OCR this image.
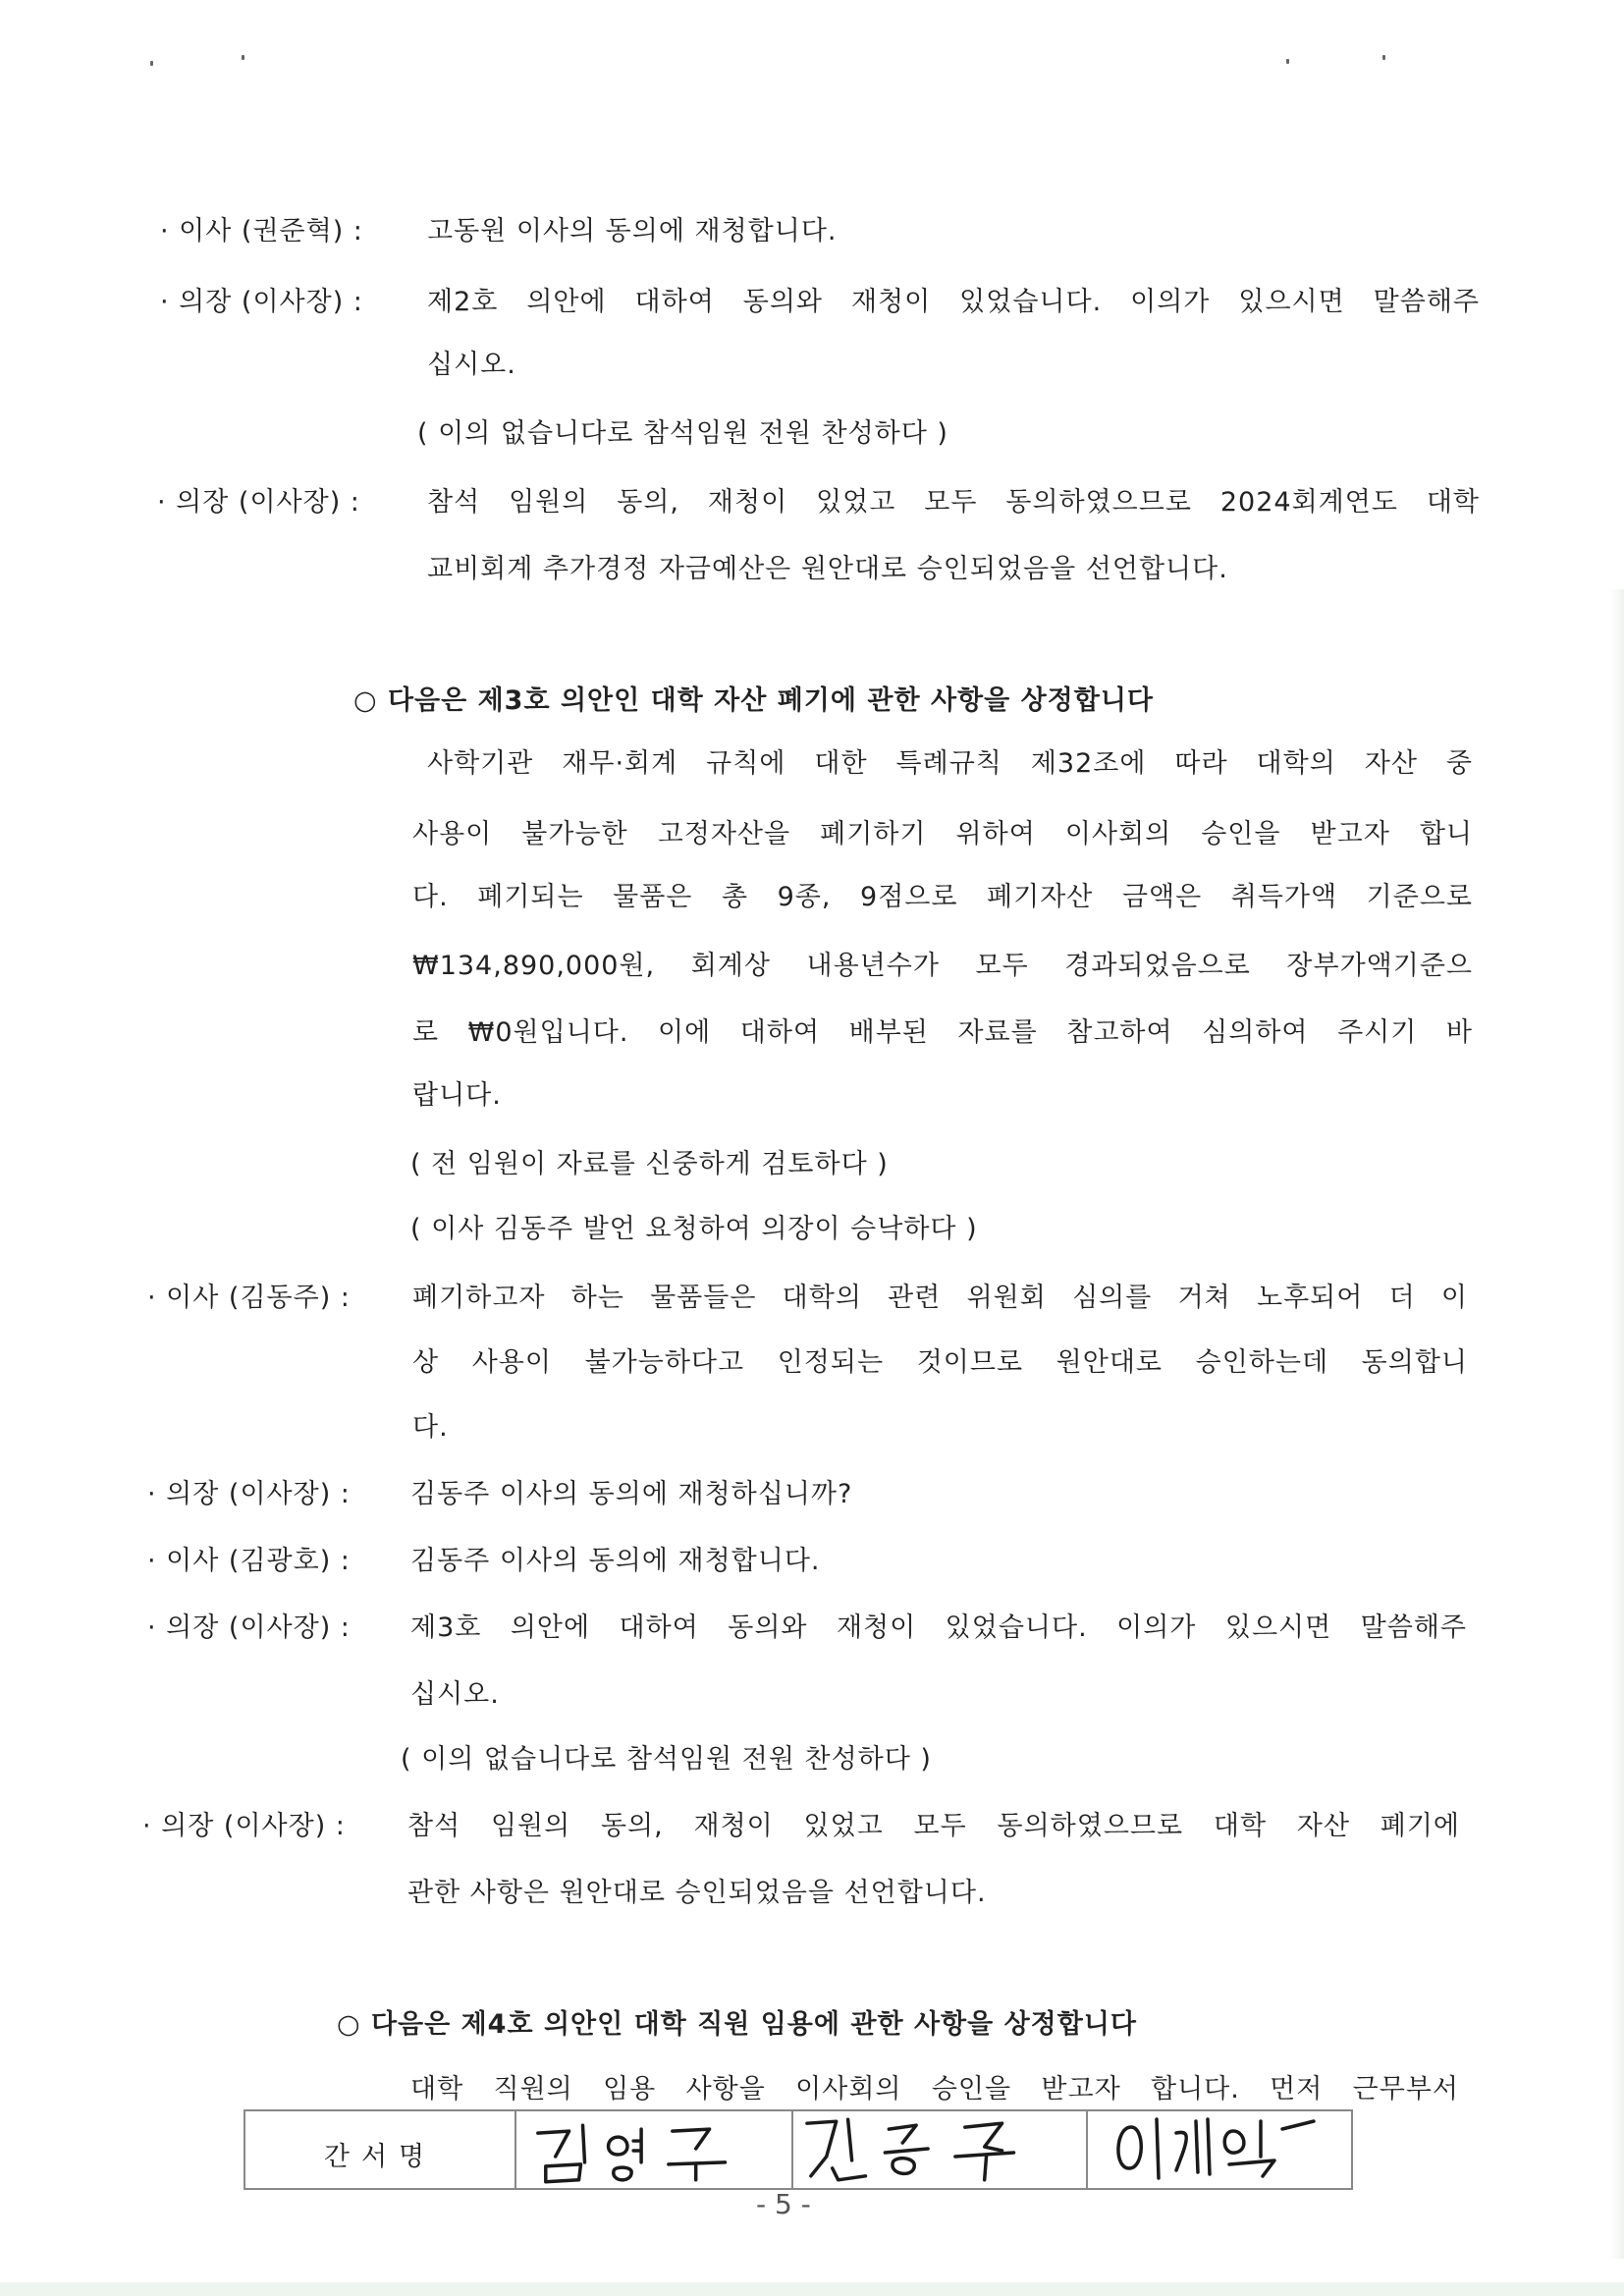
· 이사 (권준혁) : 고동원 이사의 동의에 재청합니다.
· 의장 (이사장) : 제2호 의안에 대하여 동의와 재청이 있었습니다. 이의가 있으시면 말씀해주
십시오.
( 이의 없습니다로 참석임원 전원 찬성하다 )
· 의장 (이사장) :	참석 임원의 동의, 재청이 있었고 모두 동의하였으므로 2024회계연도 대학
교비회계 추가경정 자금예산은 원안대로 승인되었음을 선언합니다.
○ 다음은 제3호 의안인 대학 자산 폐기에 관한 사항을 상정합니다
사학기관 재무·회계 규칙에 대한 특례규칙 제32조에 따라 대학의 자산 중
사용이 불가능한 고정자산을 폐기하기 위하여 이사회의 승인을 받고자 합니
다. 폐기되는 물품은 총 9종, 9점으로 폐기자산 금액은 취득가액 기준으로
₩134,890,000원, 회계상 내용년수가 모두 경과되었음으로 장부가액기준으
로 ₩0원입니다. 이에 대하여 배부된 자료를 참고하여 심의하여 주시기 바
랍니다.
( 전 임원이 자료를 신중하게 검토하다 )
( 이사 김동주 발언 요청하여 의장이 승낙하다 )
· 이사 (김동주) : 폐기하고자 하는 물품들은 대학의 관련 위원회 심의를 거쳐 노후되어 더 이
상 사용이 불가능하다고 인정되는 것이므로 원안대로 승인하는데 동의합니
다.
· 의장 (이사장) : 김동주 이사의 동의에 재청하십니까?
· 이사 (김광호) : 김동주 이사의 동의에 재청합니다.
· 의장 (이사장) : 제3호 의안에 대하여 동의와 재청이 있었습니다. 이의가 있으시면 말씀해주
십시오.
( 이의 없습니다로 참석임원 전원 찬성하다 )
· 의장 (이사장) : 참석 임원의 동의, 재청이 있었고 모두 동의하였으므로 대학 자산 폐기에
관한 사항은 원안대로 승인되었음을 선언합니다.
○ 다음은 제4호 의안인 대학 직원 임용에 관한 사항을 상정합니다
대학 직원의 임용 사항을 이사회의 승인을 받고자 합니다. 먼저 근무부서
간서명
- 5 -
